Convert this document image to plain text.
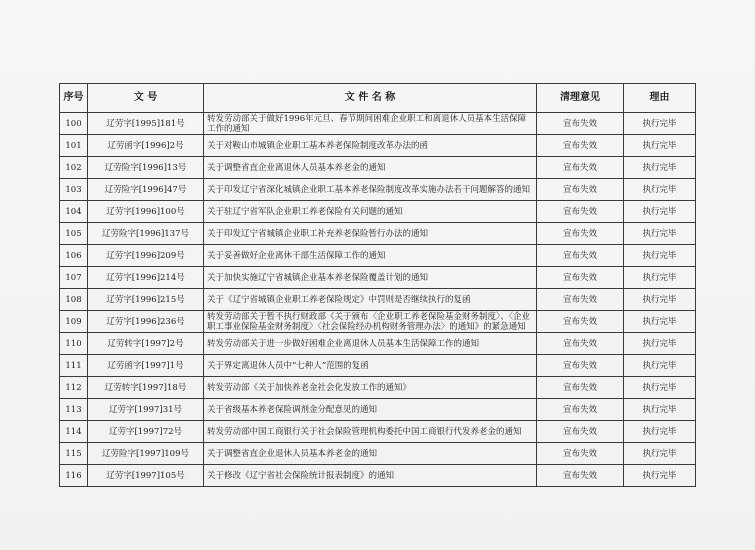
序号	文 号	文 件 名 称	清理意见	理由
100	辽劳字[1995]181号	转发劳动部关于做好1996年元旦、春节期间困难企业职工和离退休人员基本生活保障工作的通知	宣布失效	执行完毕
101	辽劳函字[1996]2号	关于对鞍山市城镇企业职工基本养老保险制度改革办法的函	宣布失效	执行完毕
102	辽劳险字[1996]13号	关于调整省直企业离退休人员基本养老金的通知	宣布失效	执行完毕
103	辽劳险字[1996]47号	关于印发辽宁省深化城镇企业职工基本养老保险制度改革实施办法若干问题解答的通知	宣布失效	执行完毕
104	辽劳字[1996]100号	关于驻辽宁省军队企业职工养老保险有关问题的通知	宣布失效	执行完毕
105	辽劳险字[1996]137号	关于印发辽宁省城镇企业职工补充养老保险暂行办法的通知	宣布失效	执行完毕
106	辽劳字[1996]209号	关于妥善做好企业离休干部生活保障工作的通知	宣布失效	执行完毕
107	辽劳字[1996]214号	关于加快实施辽宁省城镇企业基本养老保险覆盖计划的通知	宣布失效	执行完毕
108	辽劳字[1996]215号	关于《辽宁省城镇企业职工养老保险规定》中罚则是否继续执行的复函	宣布失效	执行完毕
109	辽劳字[1996]236号	转发劳动部关于暂不执行财政部《关于颁布〈企业职工养老保险基金财务制度〉、〈企业职工事业保险基金财务制度〉〈社会保险经办机构财务管理办法〉的通知》的紧急通知	宣布失效	执行完毕
110	辽劳转字[1997]2号	转发劳动部关于进一步做好困难企业离退休人员基本生活保障工作的通知	宣布失效	执行完毕
111	辽劳函字[1997]1号	关于界定离退休人员中“七种人”范围的复函	宣布失效	执行完毕
112	辽劳转字[1997]18号	转发劳动部《关于加快养老金社会化发放工作的通知》	宣布失效	执行完毕
113	辽劳字[1997]31号	关于省级基本养老保险调剂金分配意见的通知	宣布失效	执行完毕
114	辽劳字[1997]72号	转发劳动部中国工商银行关于社会保险管理机构委托中国工商银行代发养老金的通知	宣布失效	执行完毕
115	辽劳险字[1997]109号	关于调整省直企业退休人员基本养老金的通知	宣布失效	执行完毕
116	辽劳字[1997]105号	关于修改《辽宁省社会保险统计报表制度》的通知	宣布失效	执行完毕
